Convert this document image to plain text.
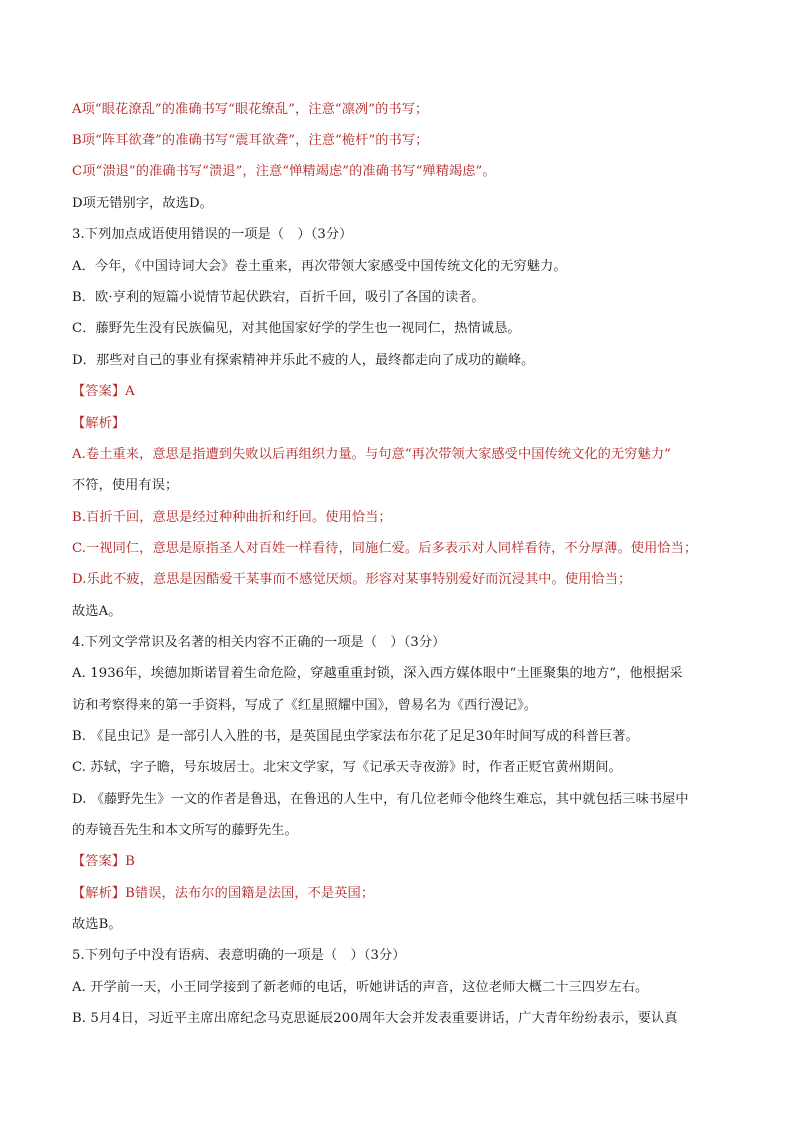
A项“眼花潦乱”的准确书写“眼花缭乱”，注意“凛冽”的书写；
B项“阵耳欲聋”的准确书写“震耳欲聋”，注意“桅杆”的书写；
C项“溃退”的准确书写“溃退”，注意“惮精竭虑”的准确书写“殚精竭虑”。
D项无错别字，故选D。
3.下列加点成语使用错误的一项是（　）（3分）
A．今年，《中国诗词大会》卷土重来，再次带领大家感受中国传统文化的无穷魅力。
B．欧·亨利的短篇小说情节起伏跌宕，百折千回，吸引了各国的读者。
C．藤野先生没有民族偏见，对其他国家好学的学生也一视同仁，热情诚恳。
D．那些对自己的事业有探索精神并乐此不疲的人，最终都走向了成功的巅峰。
【答案】A
【解析】
A.卷土重来，意思是指遭到失败以后再组织力量。与句意“再次带领大家感受中国传统文化的无穷魅力”
不符，使用有误；
B.百折千回，意思是经过种种曲折和纡回。使用恰当；
C.一视同仁，意思是原指圣人对百姓一样看待，同施仁爱。后多表示对人同样看待，不分厚薄。使用恰当；
D.乐此不疲，意思是因酷爱干某事而不感觉厌烦。形容对某事特别爱好而沉浸其中。使用恰当；
故选A。
4.下列文学常识及名著的相关内容不正确的一项是（　）（3分）
A. 1936年，埃德加斯诺冒着生命危险，穿越重重封锁，深入西方媒体眼中“土匪聚集的地方”，他根据采
访和考察得来的第一手资料，写成了《红星照耀中国》，曾易名为《西行漫记》。
B. 《昆虫记》是一部引人入胜的书，是英国昆虫学家法布尔花了足足30年时间写成的科普巨著。
C. 苏轼，字子瞻，号东坡居士。北宋文学家，写《记承天寺夜游》时，作者正贬官黄州期间。
D. 《藤野先生》一文的作者是鲁迅，在鲁迅的人生中，有几位老师令他终生难忘，其中就包括三味书屋中
的寿镜吾先生和本文所写的藤野先生。
【答案】B
【解析】B错误，法布尔的国籍是法国，不是英国；
故选B。
5.下列句子中没有语病、表意明确的一项是（　）（3分）
A. 开学前一天，小王同学接到了新老师的电话，听她讲话的声音，这位老师大概二十三四岁左右。
B. 5月4日，习近平主席出席纪念马克思诞辰200周年大会并发表重要讲话，广大青年纷纷表示，要认真
